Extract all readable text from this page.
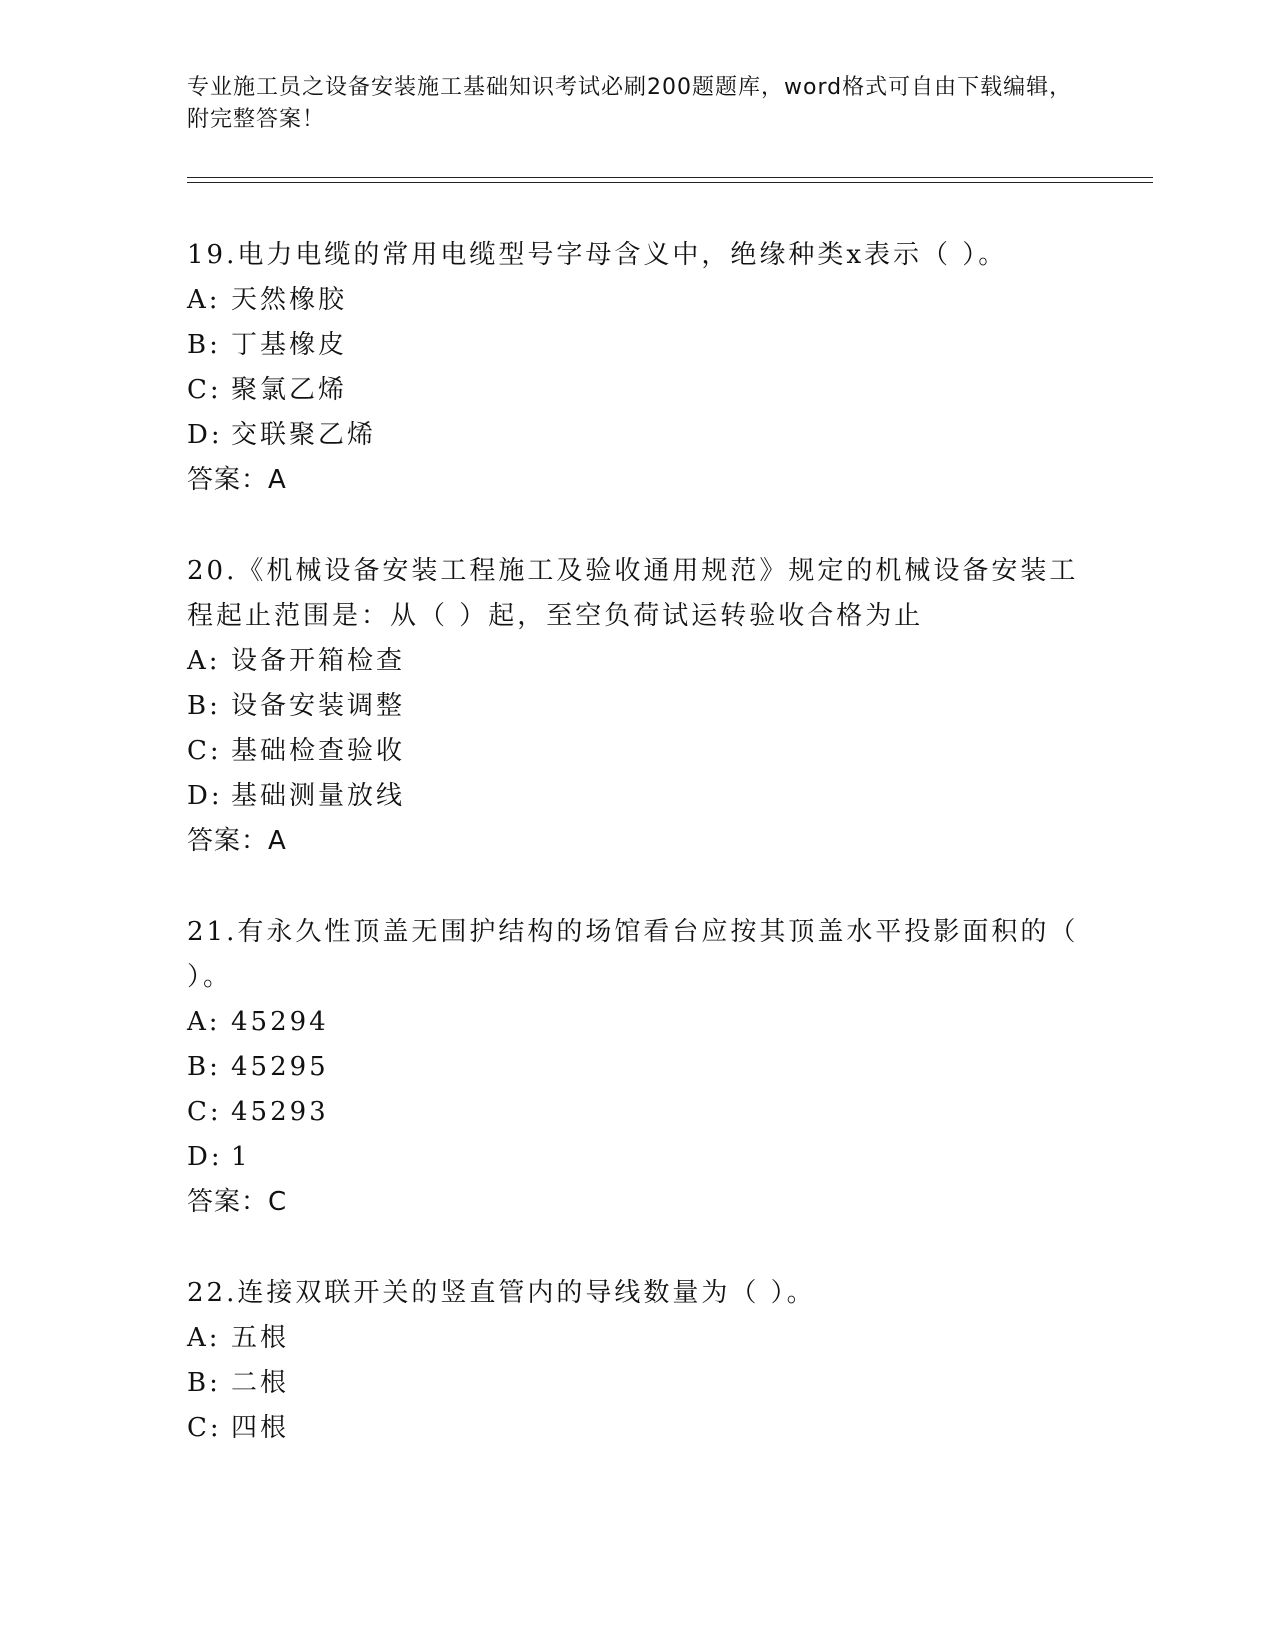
专业施工员之设备安装施工基础知识考试必刷200题题库，word格式可自由下载编辑，附完整答案！

19.电力电缆的常用电缆型号字母含义中，绝缘种类x表示（ ）。

A: 天然橡胶

B: 丁基橡皮

C: 聚氯乙烯

D: 交联聚乙烯

答案：A

20.《机械设备安装工程施工及验收通用规范》规定的机械设备安装工程起止范围是：从（ ）起，至空负荷试运转验收合格为止

A: 设备开箱检查

B: 设备安装调整

C: 基础检查验收

D: 基础测量放线

答案：A

21.有永久性顶盖无围护结构的场馆看台应按其顶盖水平投影面积的（ ）。

A: 45294

B: 45295

C: 45293

D: 1

答案：C

22.连接双联开关的竖直管内的导线数量为（ ）。

A: 五根

B: 二根

C: 四根
